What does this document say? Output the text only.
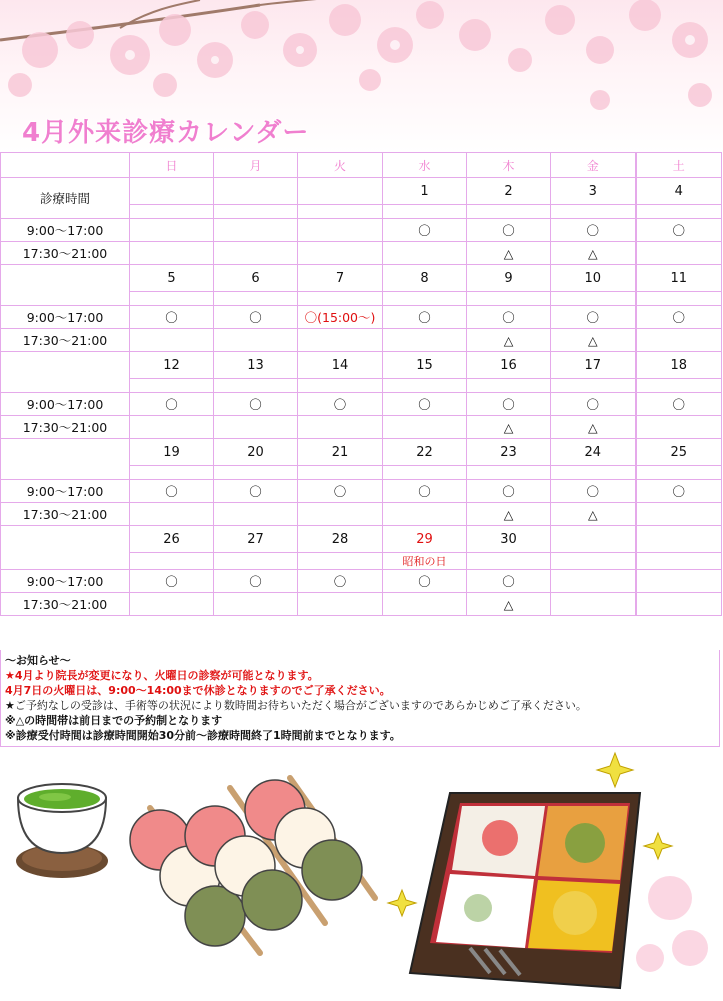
4月外来診療カレンダー
	日	月	火	水	木	金	土
診療時間				1	2	3	4

9:00～17:00				〇	〇	〇	〇
17:30～21:00					△	△	
	5	6	7	8	9	10	11

9:00～17:00	〇	〇	〇(15:00～)	〇	〇	〇	〇
17:30～21:00					△	△	
	12	13	14	15	16	17	18

9:00～17:00	〇	〇	〇	〇	〇	〇	〇
17:30～21:00					△	△	
	19	20	21	22	23	24	25

9:00～17:00	〇	〇	〇	〇	〇	〇	〇
17:30～21:00					△	△	
	26	27	28	29	30		
				昭和の日			
9:00～17:00	〇	〇	〇	〇	〇		
17:30～21:00					△		
～お知らせ～
★4月より院長が変更になり、火曜日の診察が可能となります。
4月7日の火曜日は、9:00～14:00まで休診となりますのでご了承ください。
★ご予約なしの受診は、手術等の状況により数時間お待ちいただく場合がございますのであらかじめご了承ください。
※△の時間帯は前日までの予約制となります
※診療受付時間は診療時間開始30分前～診療時間終了1時間前までとなります。
